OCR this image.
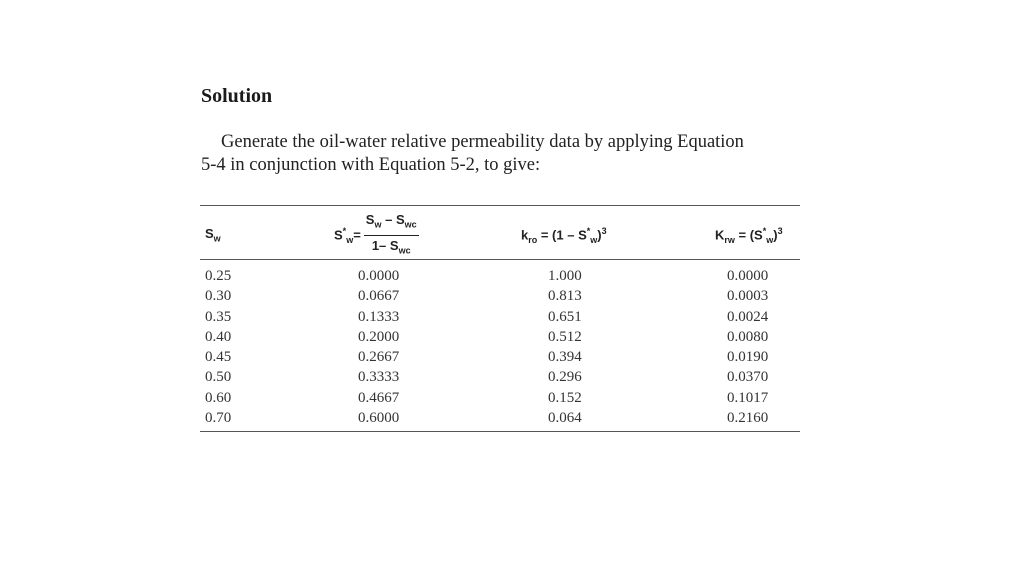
Solution
Generate the oil-water relative permeability data by applying Equation
5-4 in conjunction with Equation 5-2, to give:
$S_w$	$S^*_w= \frac{S_w - S_{wc}}{1- S_{wc}}$	$k_{ro} = (1 - S^*_w)^3$	$K_{rw} = (S^*_w)^3$
0.25	0.0000	1.000	0.0000
0.30	0.0667	0.813	0.0003
0.35	0.1333	0.651	0.0024
0.40	0.2000	0.512	0.0080
0.45	0.2667	0.394	0.0190
0.50	0.3333	0.296	0.0370
0.60	0.4667	0.152	0.1017
0.70	0.6000	0.064	0.2160
